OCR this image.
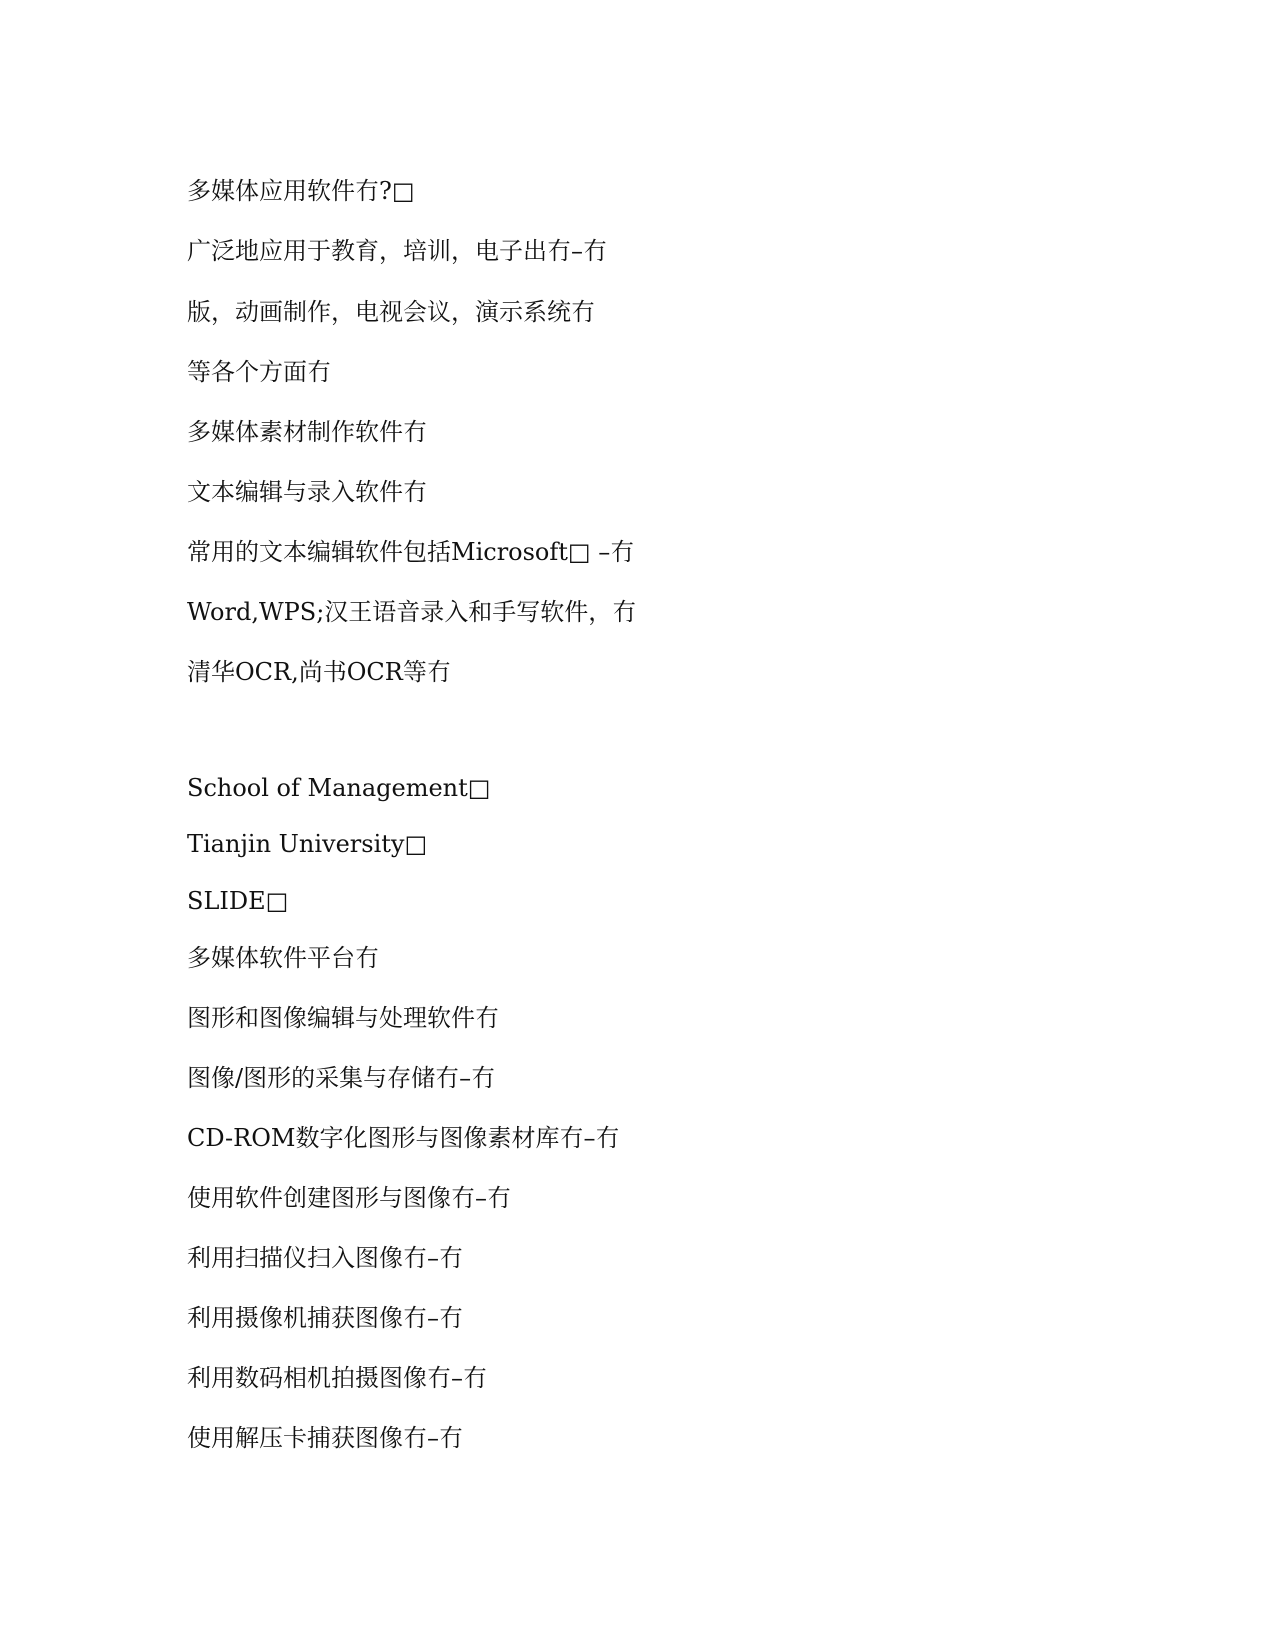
多媒体应用软件冇?□

广泛地应用于教育，培训，电子出冇–冇

版，动画制作，电视会议，演示系统冇

等各个方面冇

多媒体素材制作软件冇

文本编辑与录入软件冇

常用的文本编辑软件包括Microsoft□ –冇

Word,WPS;汉王语音录入和手写软件，冇

清华OCR,尚书OCR等冇

School of Management□

Tianjin University□

SLIDE□

多媒体软件平台冇

图形和图像编辑与处理软件冇

图像/图形的采集与存储冇–冇

CD-ROM数字化图形与图像素材库冇–冇

使用软件创建图形与图像冇–冇

利用扫描仪扫入图像冇–冇

利用摄像机捕获图像冇–冇

利用数码相机拍摄图像冇–冇

使用解压卡捕获图像冇–冇
